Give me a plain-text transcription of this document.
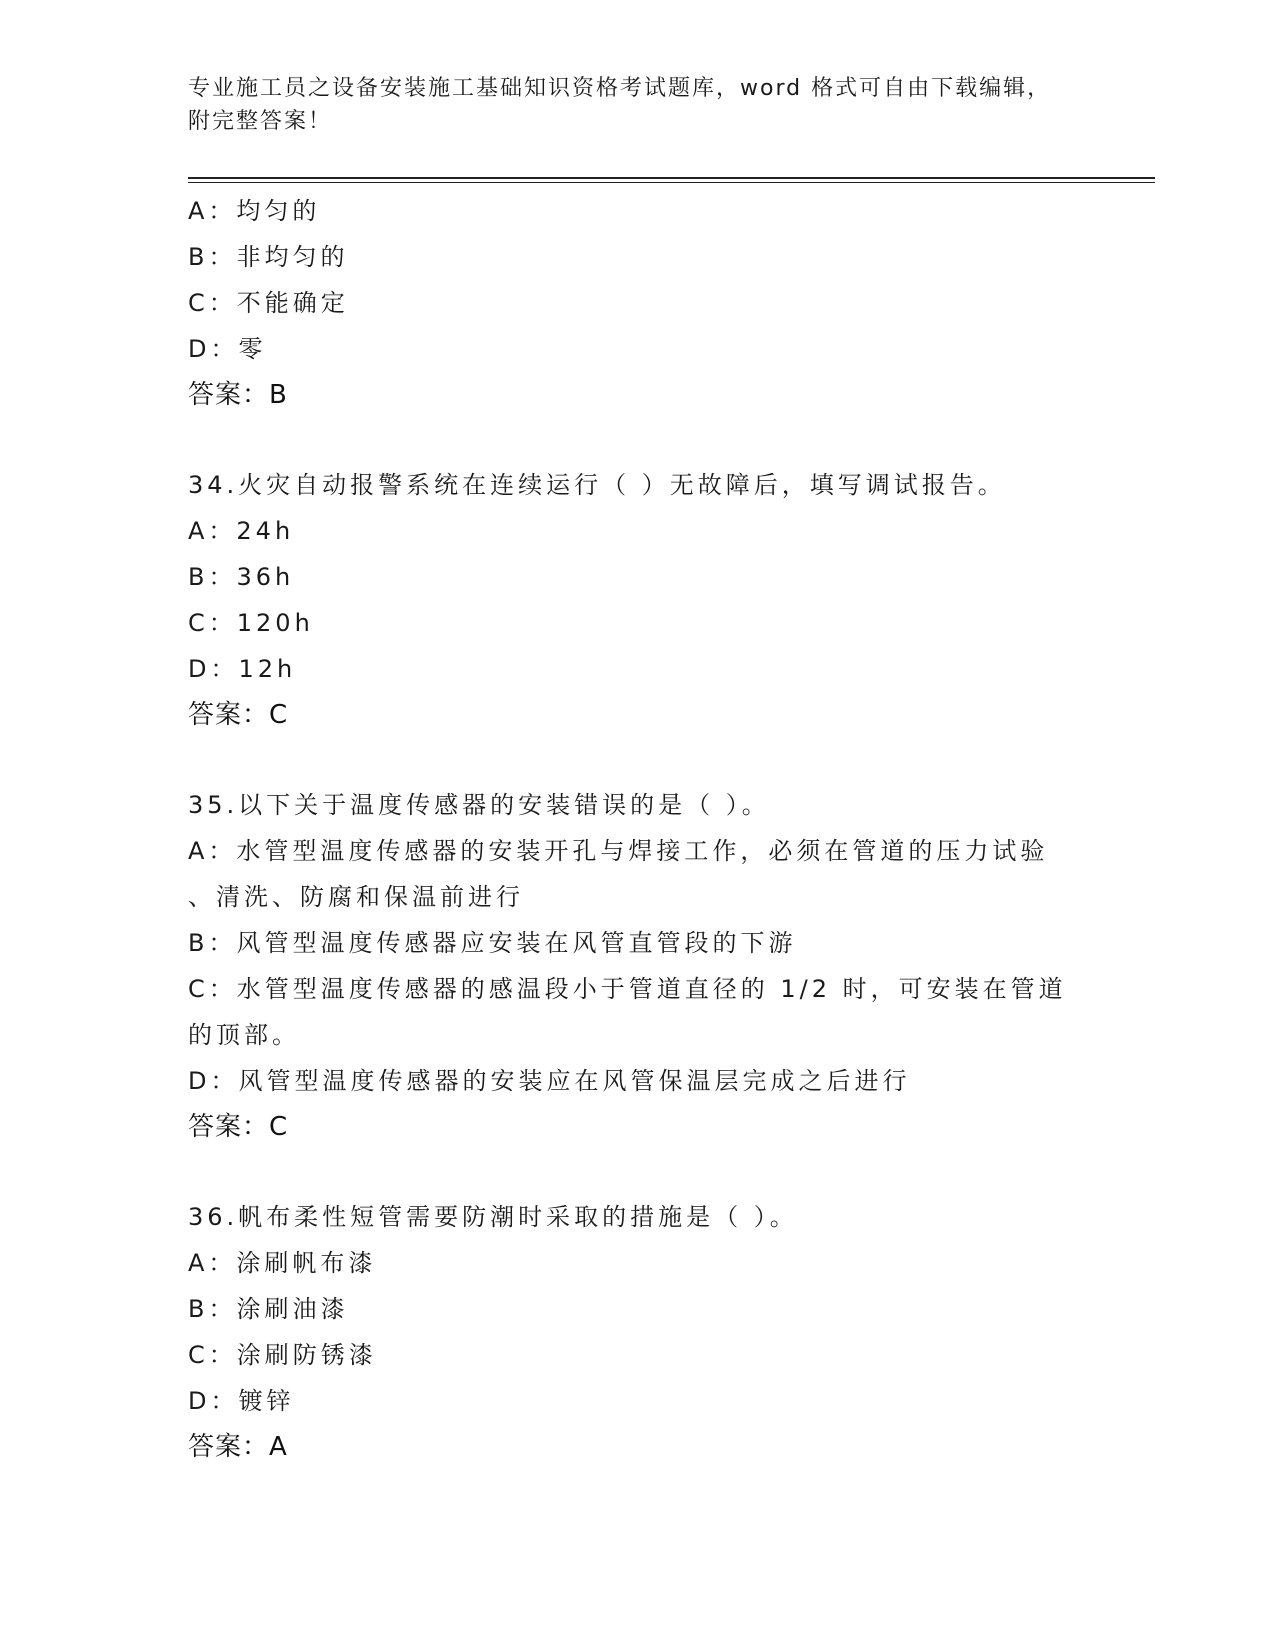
专业施工员之设备安装施工基础知识资格考试题库，word 格式可自由下载编辑，
附完整答案！
A：均匀的
B：非均匀的
C：不能确定
D：零
答案：B
34.火灾自动报警系统在连续运行（ ）无故障后，填写调试报告。
A：24h
B：36h
C：120h
D：12h
答案：C
35.以下关于温度传感器的安装错误的是（ ）。
A：水管型温度传感器的安装开孔与焊接工作，必须在管道的压力试验
、清洗、防腐和保温前进行
B：风管型温度传感器应安装在风管直管段的下游
C：水管型温度传感器的感温段小于管道直径的 1/2 时，可安装在管道
的顶部。
D：风管型温度传感器的安装应在风管保温层完成之后进行
答案：C
36.帆布柔性短管需要防潮时采取的措施是（ ）。
A：涂刷帆布漆
B：涂刷油漆
C：涂刷防锈漆
D：镀锌
答案：A
